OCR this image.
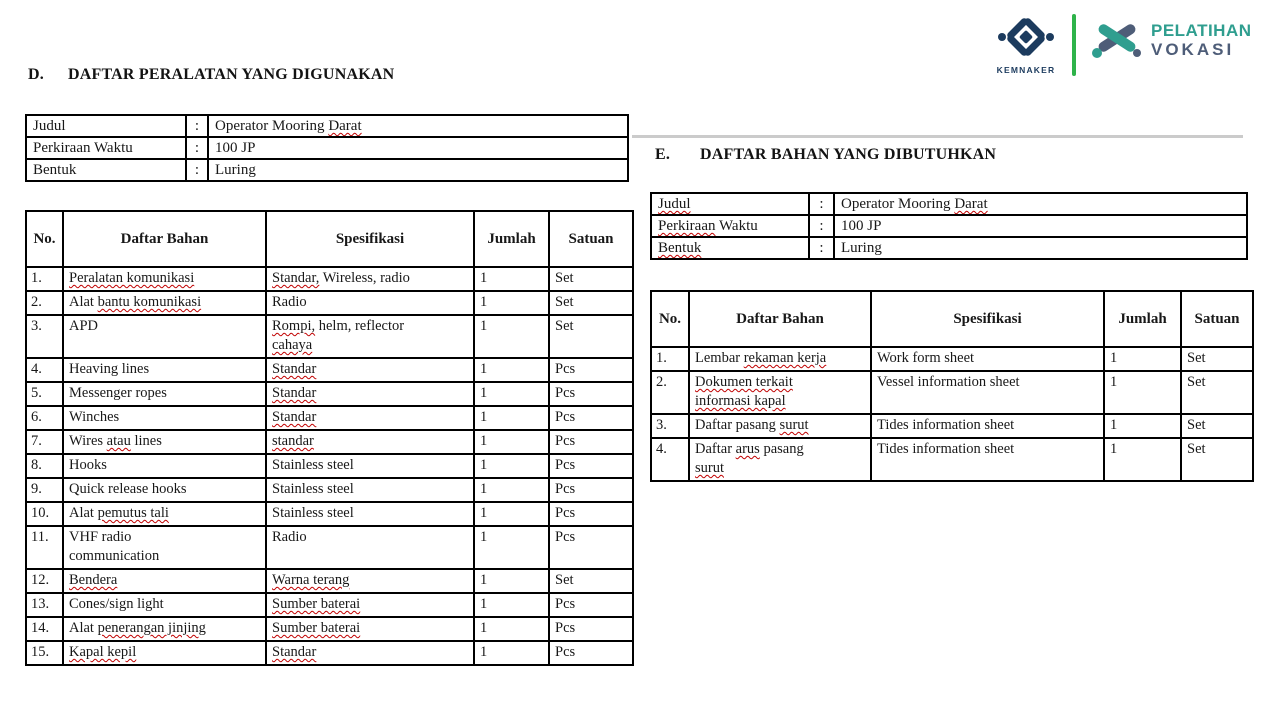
KEMNAKER
PELATIHAN
VOKASI
D. DAFTAR PERALATAN YANG DIGUNAKAN
Judul	:	Operator Mooring Darat
Perkiraan Waktu	:	100 JP
Bentuk	:	Luring
No.	Daftar Bahan	Spesifikasi	Jumlah	Satuan
1.	Peralatan komunikasi	Standar, Wireless, radio	1	Set
2.	Alat bantu komunikasi	Radio	1	Set
3.	APD	Rompi, helm, reflector
cahaya	1	Set
4.	Heaving lines	Standar	1	Pcs
5.	Messenger ropes	Standar	1	Pcs
6.	Winches	Standar	1	Pcs
7.	Wires atau lines	standar	1	Pcs
8.	Hooks	Stainless steel	1	Pcs
9.	Quick release hooks	Stainless steel	1	Pcs
10.	Alat pemutus tali	Stainless steel	1	Pcs
11.	VHF radio
communication	Radio	1	Pcs
12.	Bendera	Warna terang	1	Set
13.	Cones/sign light	Sumber baterai	1	Pcs
14.	Alat penerangan jinjing	Sumber baterai	1	Pcs
15.	Kapal kepil	Standar	1	Pcs
E. DAFTAR BAHAN YANG DIBUTUHKAN
Judul	:	Operator Mooring Darat
Perkiraan Waktu	:	100 JP
Bentuk	:	Luring
No.	Daftar Bahan	Spesifikasi	Jumlah	Satuan
1.	Lembar rekaman kerja	Work form sheet	1	Set
2.	Dokumen terkait
informasi kapal	Vessel information sheet	1	Set
3.	Daftar pasang surut	Tides information sheet	1	Set
4.	Daftar arus pasang
surut	Tides information sheet	1	Set
